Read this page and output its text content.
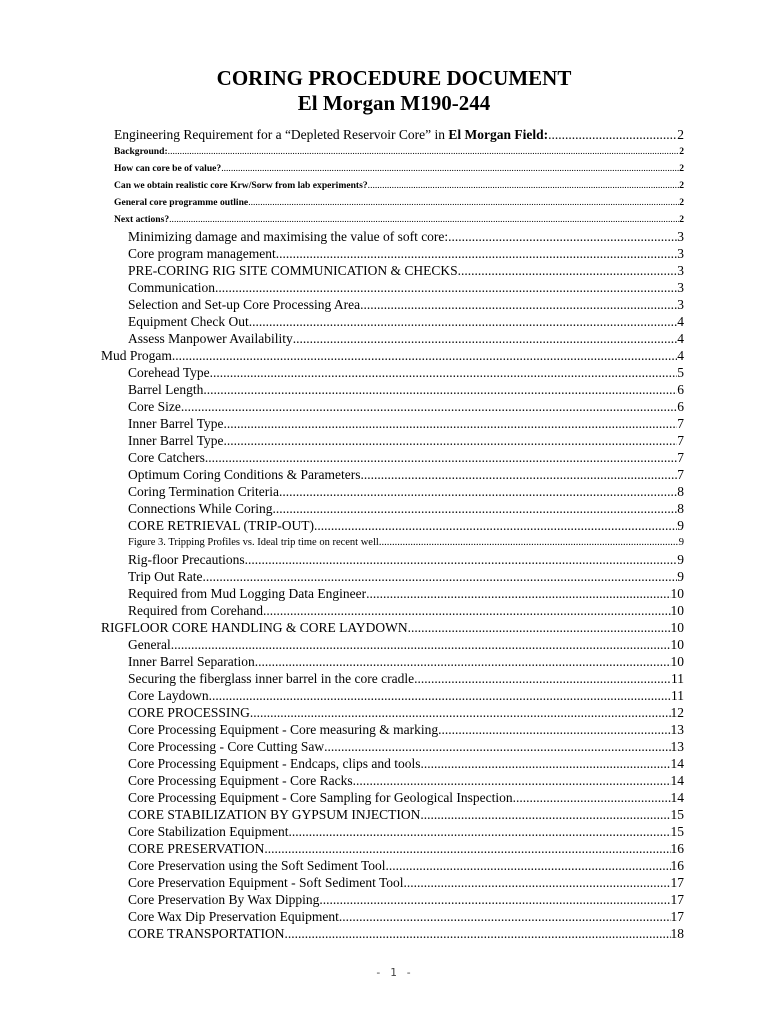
CORING PROCEDURE DOCUMENT
El Morgan M190-244
Engineering Requirement for a “Depleted Reservoir Core” in El Morgan Field: .....	2
Background: .....	2
How can core be of value? .....	2
Can we obtain realistic core Krw/Sorw from lab experiments? .....	2
General core programme outline .....	2
Next actions? .....	2
Minimizing damage and maximising the value of soft core: .....	3
Core program management .....	3
PRE-CORING RIG SITE COMMUNICATION & CHECKS .....	3
Communication .....	3
Selection and Set-up Core Processing Area .....	3
Equipment Check Out .....	4
Assess Manpower Availability .....	4
Mud Progam .....	4
Corehead Type .....	5
Barrel Length .....	6
Core Size .....	6
Inner Barrel Type .....	7
Inner Barrel Type .....	7
Core Catchers .....	7
Optimum Coring Conditions & Parameters .....	7
Coring Termination Criteria .....	8
Connections While Coring .....	8
CORE RETRIEVAL (TRIP-OUT) .....	9
Figure 3. Tripping Profiles vs. Ideal trip time on recent well .....	9
Rig-floor Precautions .....	9
Trip Out Rate .....	9
Required from Mud Logging Data Engineer .....	10
Required from Corehand .....	10
RIGFLOOR CORE HANDLING & CORE LAYDOWN .....	10
General .....	10
Inner Barrel Separation .....	10
Securing the fiberglass inner barrel in the core cradle .....	11
Core Laydown .....	11
CORE PROCESSING .....	12
Core Processing Equipment - Core measuring & marking .....	13
Core Processing - Core Cutting Saw .....	13
Core Processing Equipment - Endcaps, clips and tools .....	14
Core Processing Equipment - Core Racks .....	14
Core Processing Equipment - Core Sampling for Geological Inspection .....	14
CORE STABILIZATION BY GYPSUM INJECTION .....	15
Core Stabilization Equipment .....	15
CORE PRESERVATION .....	16
Core Preservation using the Soft Sediment Tool .....	16
Core Preservation Equipment - Soft Sediment Tool .....	17
Core Preservation By Wax Dipping .....	17
Core Wax Dip Preservation Equipment .....	17
CORE TRANSPORTATION .....	18
- 1 -
